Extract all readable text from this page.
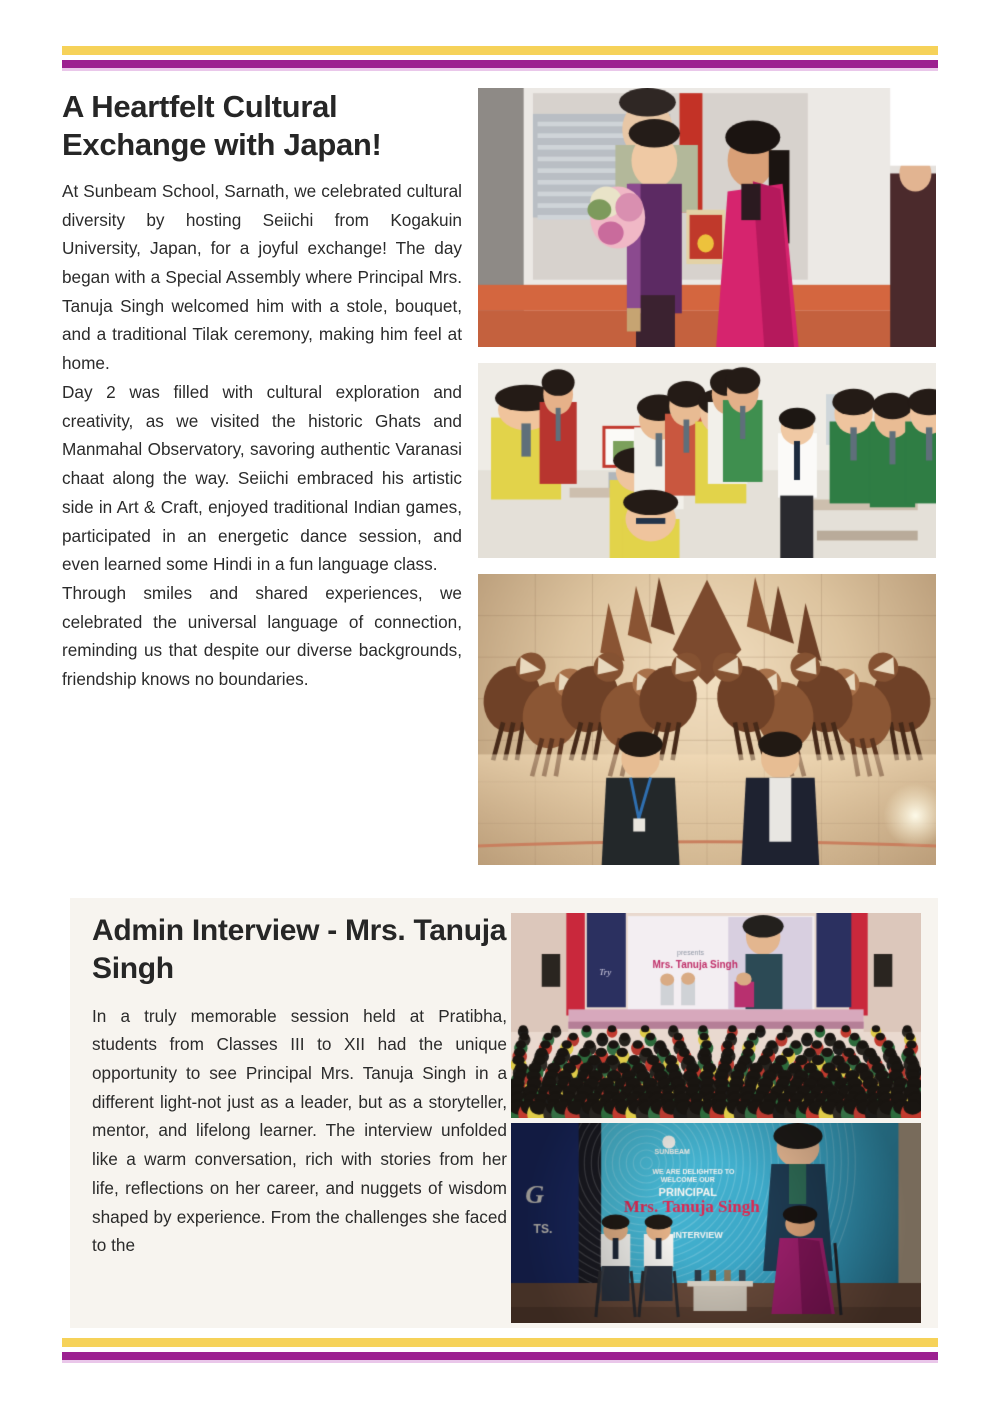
A Heartfelt Cultural Exchange with Japan!

At Sunbeam School, Sarnath, we celebrated cultural diversity by hosting Seiichi from Kogakuin University, Japan, for a joyful exchange! The day began with a Special Assembly where Principal Mrs. Tanuja Singh welcomed him with a stole, bouquet, and a traditional Tilak ceremony, making him feel at home.

Day 2 was filled with cultural exploration and creativity, as we visited the historic Ghats and Manmahal Observatory, savoring authentic Varanasi chaat along the way. Seiichi embraced his artistic side in Art & Craft, enjoyed traditional Indian games, participated in an energetic dance session, and even learned some Hindi in a fun language class.

Through smiles and shared experiences, we celebrated the universal language of connection, reminding us that despite our diverse backgrounds, friendship knows no boundaries.

Admin Interview - Mrs. Tanuja Singh

In a truly memorable session held at Pratibha, students from Classes III to XII had the unique opportunity to see Principal Mrs. Tanuja Singh in a different light-not just as a leader, but as a storyteller, mentor, and lifelong learner. The interview unfolded like a warm conversation, rich with stories from her life, reflections on her career, and nuggets of wisdom shaped by experience. From the challenges she faced to the
